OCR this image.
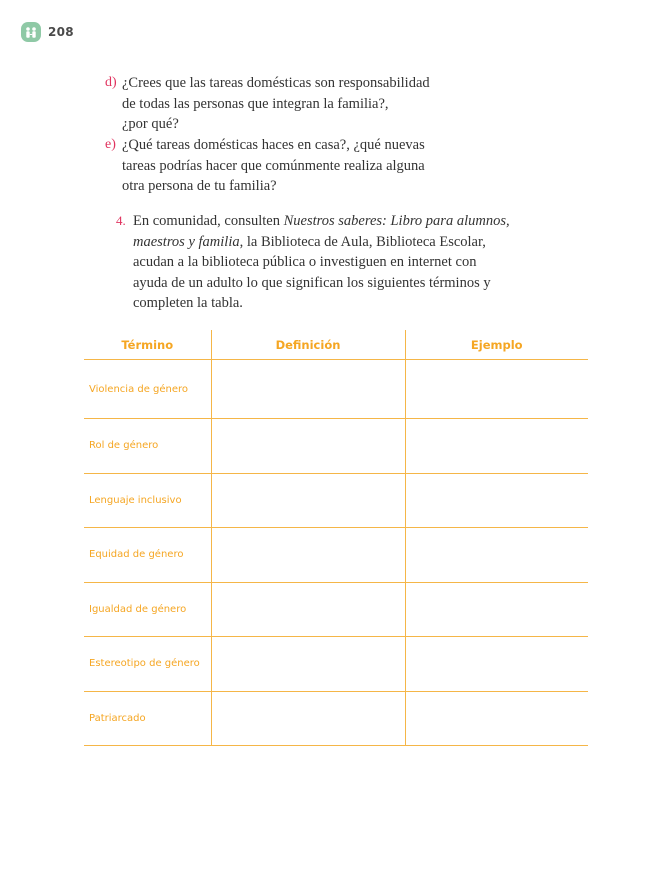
208
d) ¿Crees que las tareas domésticas son responsabilidad
de todas las personas que integran la familia?,
¿por qué?
e) ¿Qué tareas domésticas haces en casa?, ¿qué nuevas
tareas podrías hacer que comúnmente realiza alguna
otra persona de tu familia?
4. En comunidad, consulten Nuestros saberes: Libro para alumnos,
maestros y familia, la Biblioteca de Aula, Biblioteca Escolar,
acudan a la biblioteca pública o investiguen en internet con
ayuda de un adulto lo que significan los siguientes términos y
completen la tabla.
Término	Definición	Ejemplo
Violencia de género		
Rol de género		
Lenguaje inclusivo		
Equidad de género		
Igualdad de género		
Estereotipo de género		
Patriarcado		
